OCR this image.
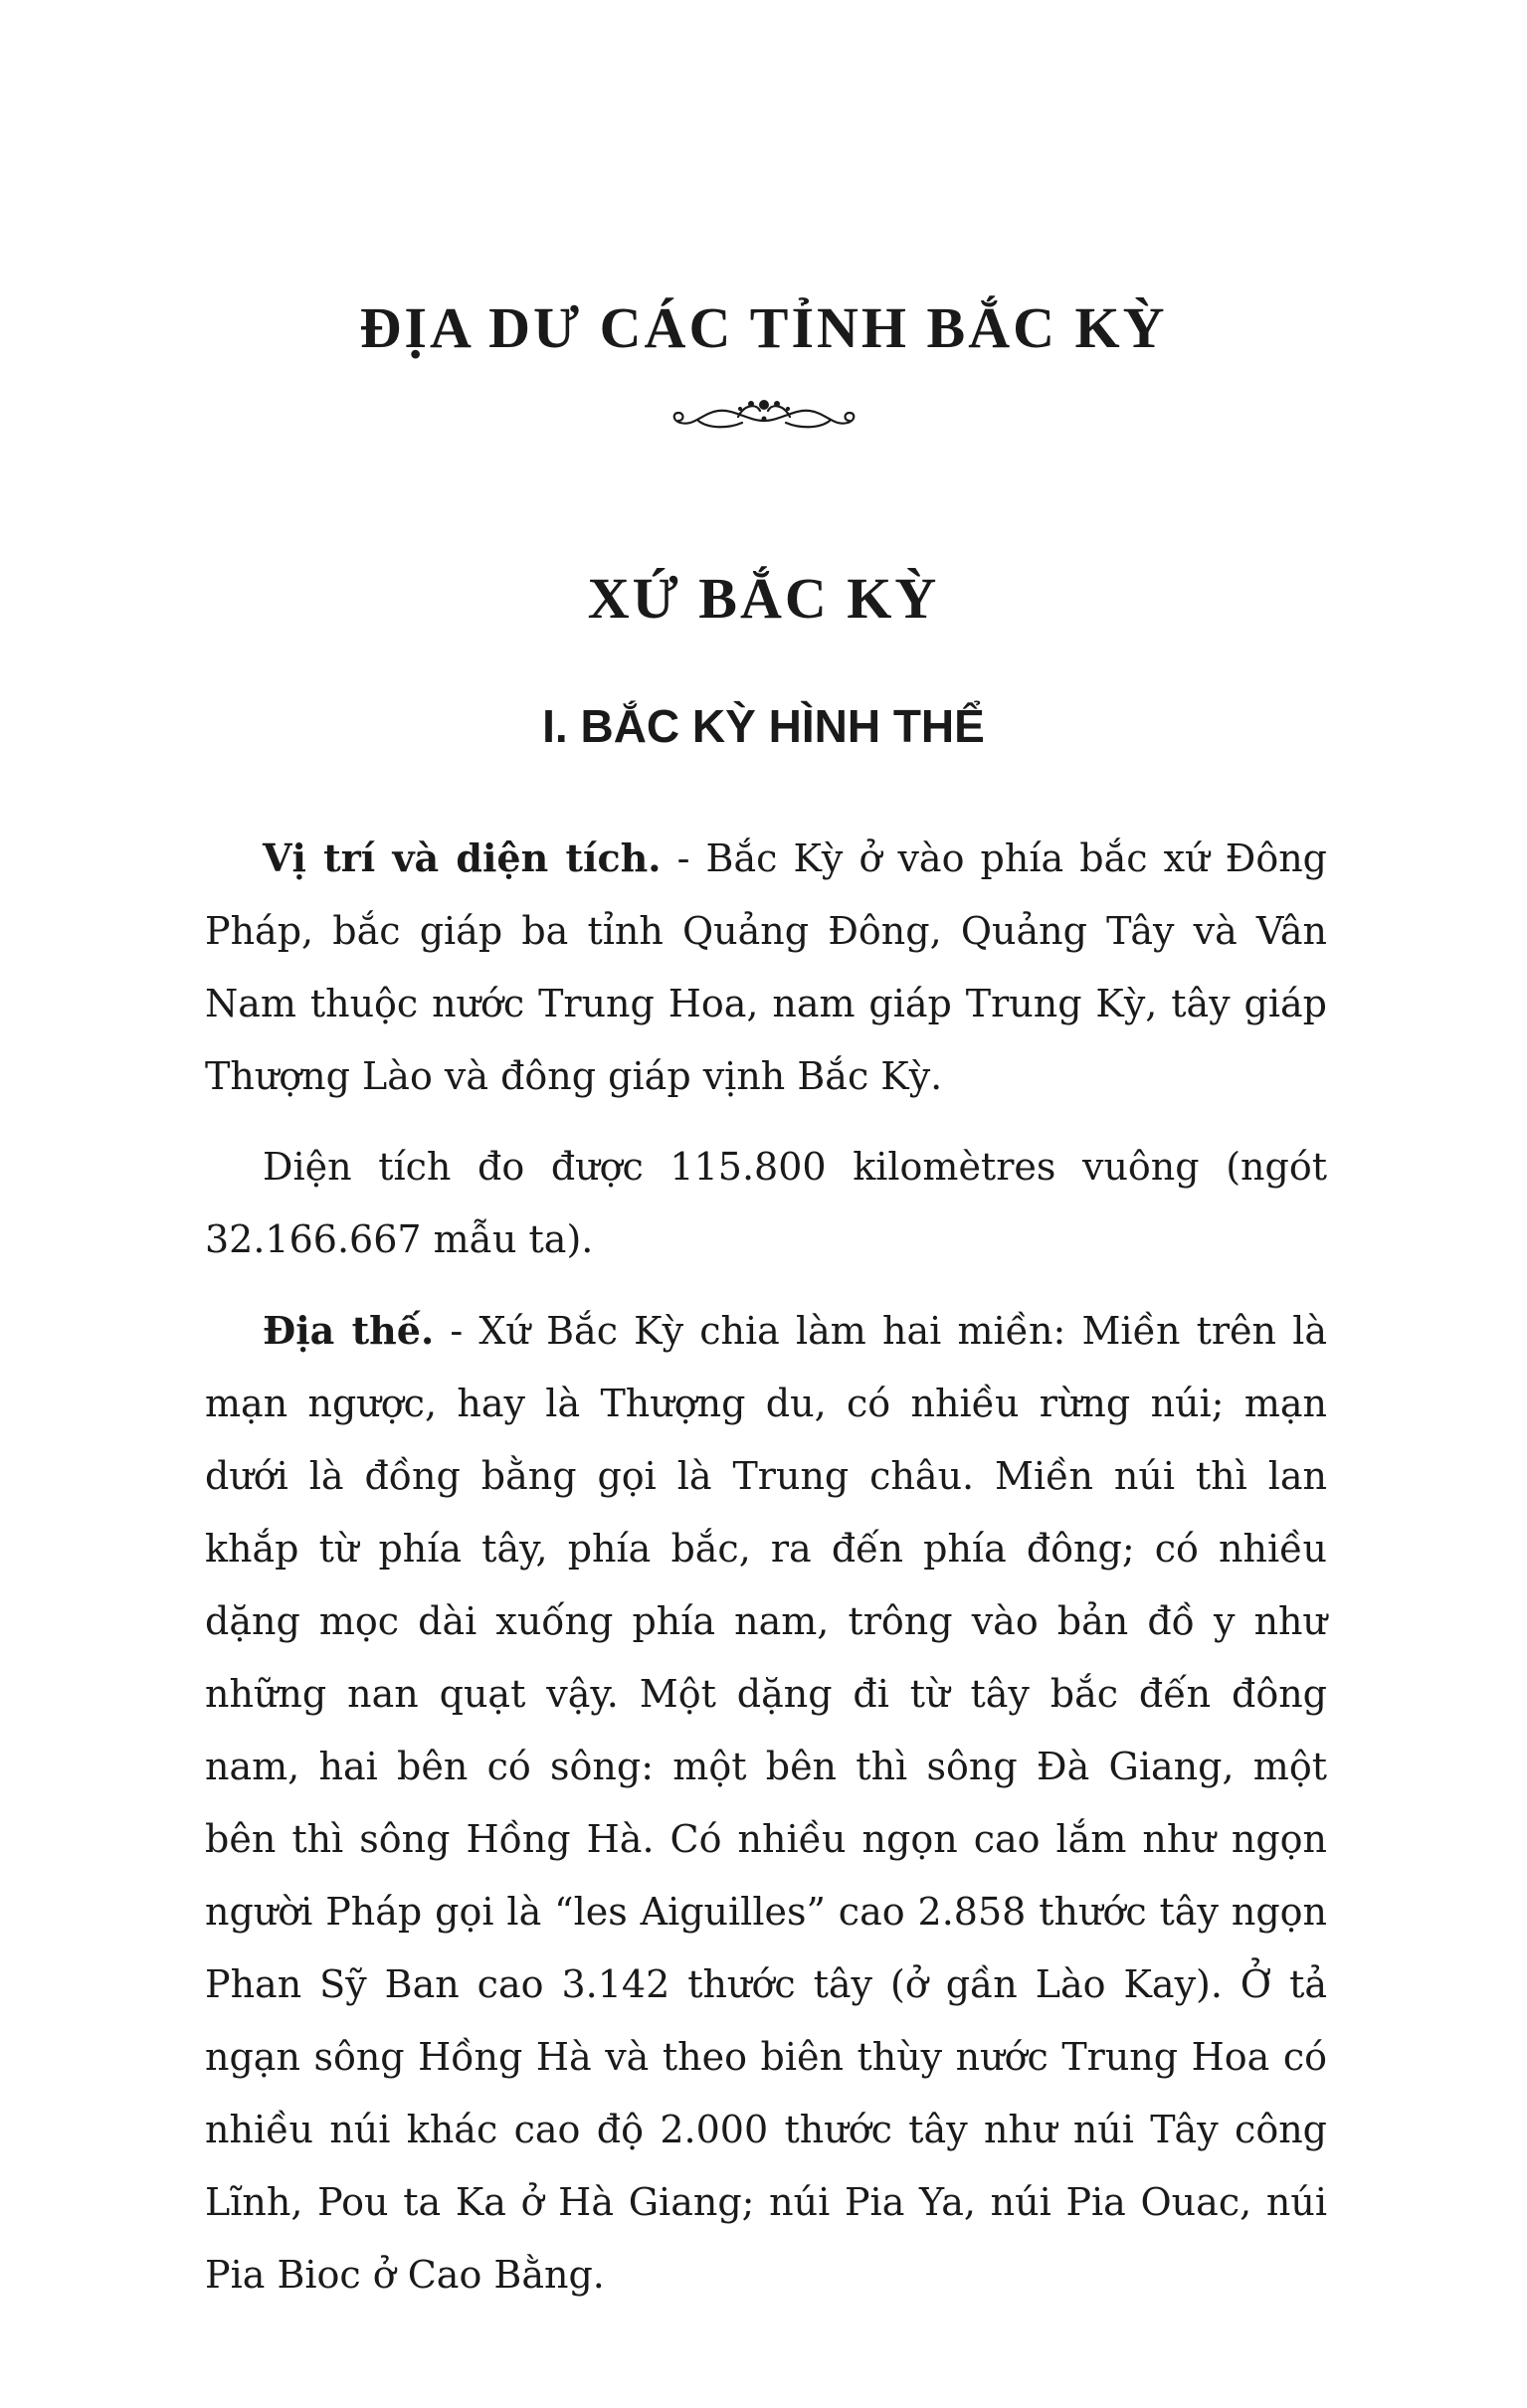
ĐỊA DƯ CÁC TỈNH BẮC KỲ
XỨ BẮC KỲ
I. BẮC KỲ HÌNH THỂ

Vị trí và diện tích. - Bắc Kỳ ở vào phía bắc xứ Đông Pháp, bắc giáp ba tỉnh Quảng Đông, Quảng Tây và Vân Nam thuộc nước Trung Hoa, nam giáp Trung Kỳ, tây giáp Thượng Lào và đông giáp vịnh Bắc Kỳ.

Diện tích đo được 115.800 kilomètres vuông (ngót 32.166.667 mẫu ta).

Địa thế. - Xứ Bắc Kỳ chia làm hai miền: Miền trên là mạn ngược, hay là Thượng du, có nhiều rừng núi; mạn dưới là đồng bằng gọi là Trung châu. Miền núi thì lan khắp từ phía tây, phía bắc, ra đến phía đông; có nhiều dặng mọc dài xuống phía nam, trông vào bản đồ y như những nan quạt vậy. Một dặng đi từ tây bắc đến đông nam, hai bên có sông: một bên thì sông Đà Giang, một bên thì sông Hồng Hà. Có nhiều ngọn cao lắm như ngọn người Pháp gọi là “les Aiguilles” cao 2.858 thước tây ngọn Phan Sỹ Ban cao 3.142 thước tây (ở gần Lào Kay). Ở tả ngạn sông Hồng Hà và theo biên thùy nước Trung Hoa có nhiều núi khác cao độ 2.000 thước tây như núi Tây công Lĩnh, Pou ta Ka ở Hà Giang; núi Pia Ya, núi Pia Ouac, núi Pia Bioc ở Cao Bằng.
